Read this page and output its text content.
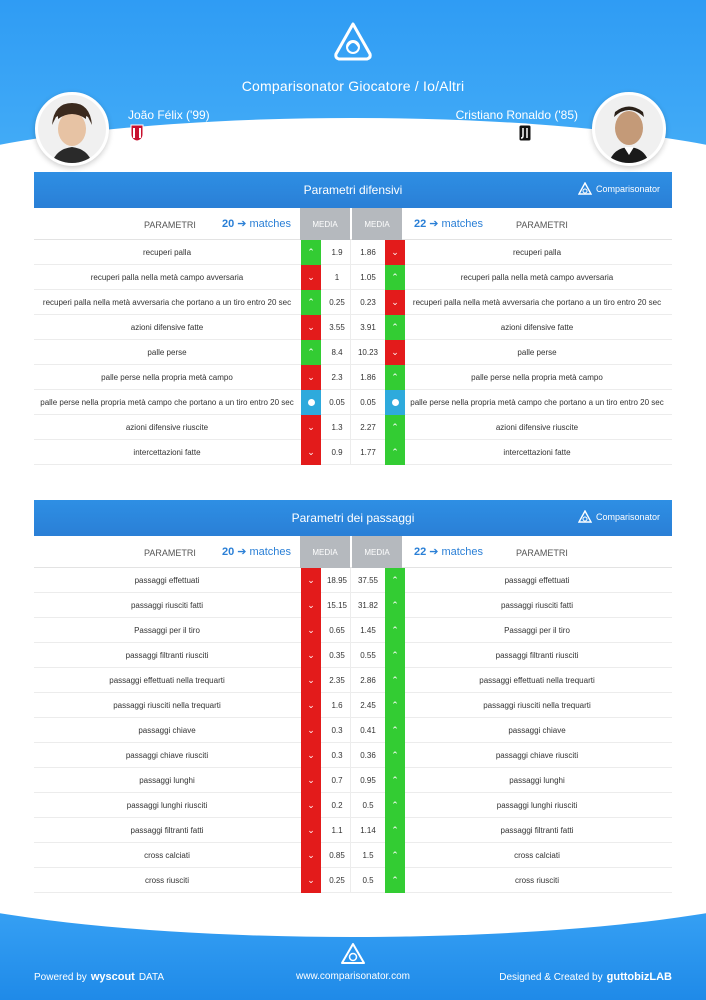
Comparisonator Giocatore / Io/Altri
João Félix ('99)
Atlético Madrid
Cristiano Ronaldo ('85)
Juventus
Parametri difensivi	Comparisonator
PARAMETRI 20 ➔ matches	MEDIA	MEDIA	22 ➔ matches	PARAMETRI
recuperi palla	⌃	1.9	1.86	⌄	recuperi palla
recuperi palla nella metà campo avversaria	⌄	1	1.05	⌃	recuperi palla nella metà campo avversaria
recuperi palla nella metà avversaria che portano a un tiro entro 20 sec	⌃	0.25	0.23	⌄	recuperi palla nella metà avversaria che portano a un tiro entro 20 sec
azioni difensive fatte	⌄	3.55	3.91	⌃	azioni difensive fatte
palle perse	⌃	8.4	10.23	⌄	palle perse
palle perse nella propria metà campo	⌄	2.3	1.86	⌃	palle perse nella propria metà campo
palle perse nella propria metà campo che portano a un tiro entro 20 sec	0.05	0.05	palle perse nella propria metà campo che portano a un tiro entro 20 sec
azioni difensive riuscite	⌄	1.3	2.27	⌃	azioni difensive riuscite
intercettazioni fatte	⌄	0.9	1.77	⌃	intercettazioni fatte
Parametri dei passaggi	Comparisonator
PARAMETRI 20 ➔ matches	MEDIA	MEDIA	22 ➔ matches	PARAMETRI
passaggi effettuati	⌄	18.95	37.55	⌃	passaggi effettuati
passaggi riusciti fatti	⌄	15.15	31.82	⌃	passaggi riusciti fatti
Passaggi per il tiro	⌄	0.65	1.45	⌃	Passaggi per il tiro
passaggi filtranti riusciti	⌄	0.35	0.55	⌃	passaggi filtranti riusciti
passaggi effettuati nella trequarti	⌄	2.35	2.86	⌃	passaggi effettuati nella trequarti
passaggi riusciti nella trequarti	⌄	1.6	2.45	⌃	passaggi riusciti nella trequarti
passaggi chiave	⌄	0.3	0.41	⌃	passaggi chiave
passaggi chiave riusciti	⌄	0.3	0.36	⌃	passaggi chiave riusciti
passaggi lunghi	⌄	0.7	0.95	⌃	passaggi lunghi
passaggi lunghi riusciti	⌄	0.2	0.5	⌃	passaggi lunghi riusciti
passaggi filtranti fatti	⌄	1.1	1.14	⌃	passaggi filtranti fatti
cross calciati	⌄	0.85	1.5	⌃	cross calciati
cross riusciti	⌄	0.25	0.5	⌃	cross riusciti
Powered by wyscout DATA	www.comparisonator.com	Designed & Created by guttobizLAB
